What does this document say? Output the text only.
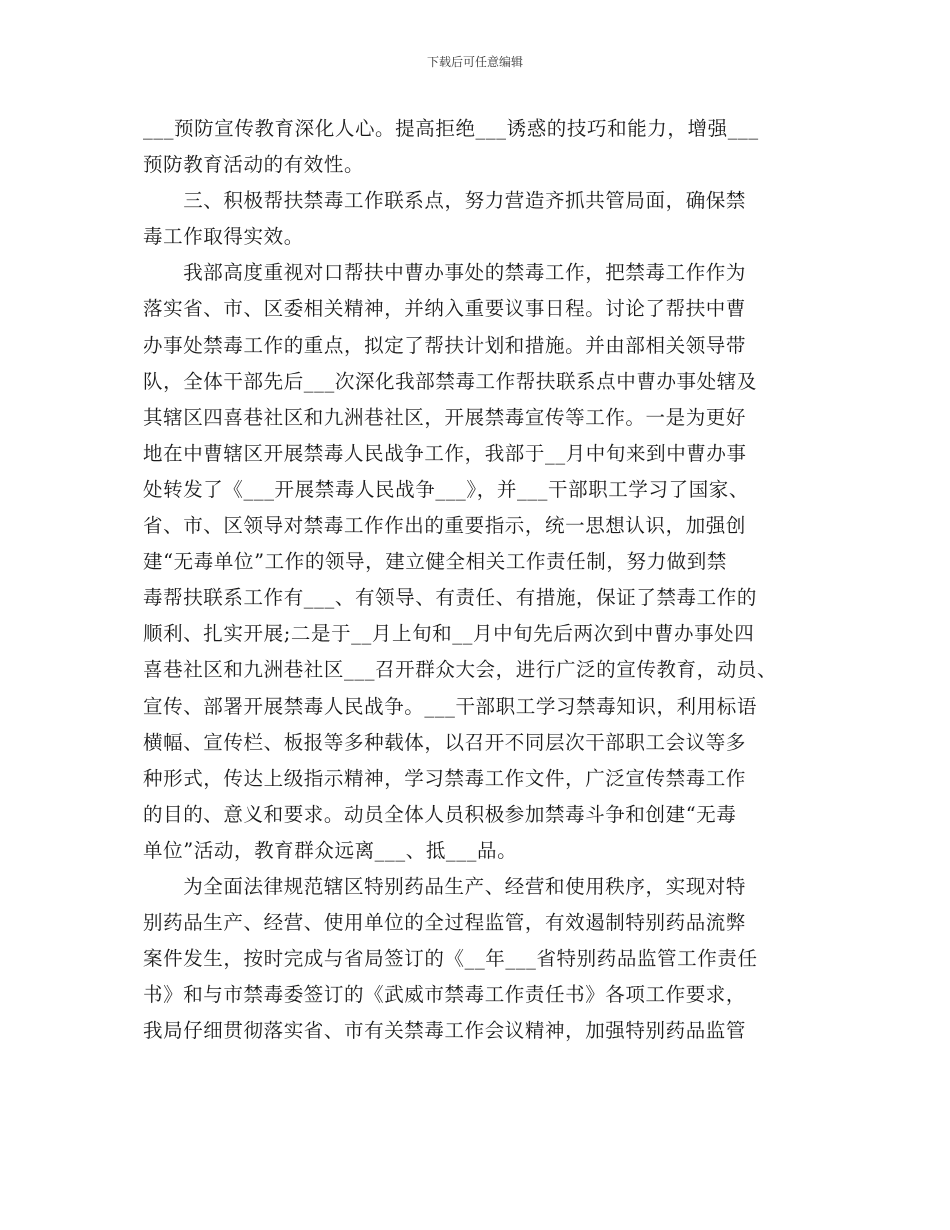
下载后可任意编辑
___预防宣传教育深化人心。提高拒绝___诱惑的技巧和能力，增强___
预防教育活动的有效性。
　　三、积极帮扶禁毒工作联系点，努力营造齐抓共管局面，确保禁
毒工作取得实效。
　　我部高度重视对口帮扶中曹办事处的禁毒工作，把禁毒工作作为
落实省、市、区委相关精神，并纳入重要议事日程。讨论了帮扶中曹
办事处禁毒工作的重点，拟定了帮扶计划和措施。并由部相关领导带
队，全体干部先后___次深化我部禁毒工作帮扶联系点中曹办事处辖及
其辖区四喜巷社区和九洲巷社区，开展禁毒宣传等工作。一是为更好
地在中曹辖区开展禁毒人民战争工作，我部于__月中旬来到中曹办事
处转发了《___开展禁毒人民战争___》，并___干部职工学习了国家、
省、市、区领导对禁毒工作作出的重要指示，统一思想认识，加强创
建“无毒单位”工作的领导，建立健全相关工作责任制，努力做到禁
毒帮扶联系工作有___、有领导、有责任、有措施，保证了禁毒工作的
顺利、扎实开展;二是于__月上旬和__月中旬先后两次到中曹办事处四
喜巷社区和九洲巷社区___召开群众大会，进行广泛的宣传教育，动员、
宣传、部署开展禁毒人民战争。___干部职工学习禁毒知识，利用标语
横幅、宣传栏、板报等多种载体，以召开不同层次干部职工会议等多
种形式，传达上级指示精神，学习禁毒工作文件，广泛宣传禁毒工作
的目的、意义和要求。动员全体人员积极参加禁毒斗争和创建“无毒
单位”活动，教育群众远离___、抵___品。
　　为全面法律规范辖区特别药品生产、经营和使用秩序，实现对特
别药品生产、经营、使用单位的全过程监管，有效遏制特别药品流弊
案件发生，按时完成与省局签订的《__年___省特别药品监管工作责任
书》和与市禁毒委签订的《武威市禁毒工作责任书》各项工作要求，
我局仔细贯彻落实省、市有关禁毒工作会议精神，加强特别药品监管
